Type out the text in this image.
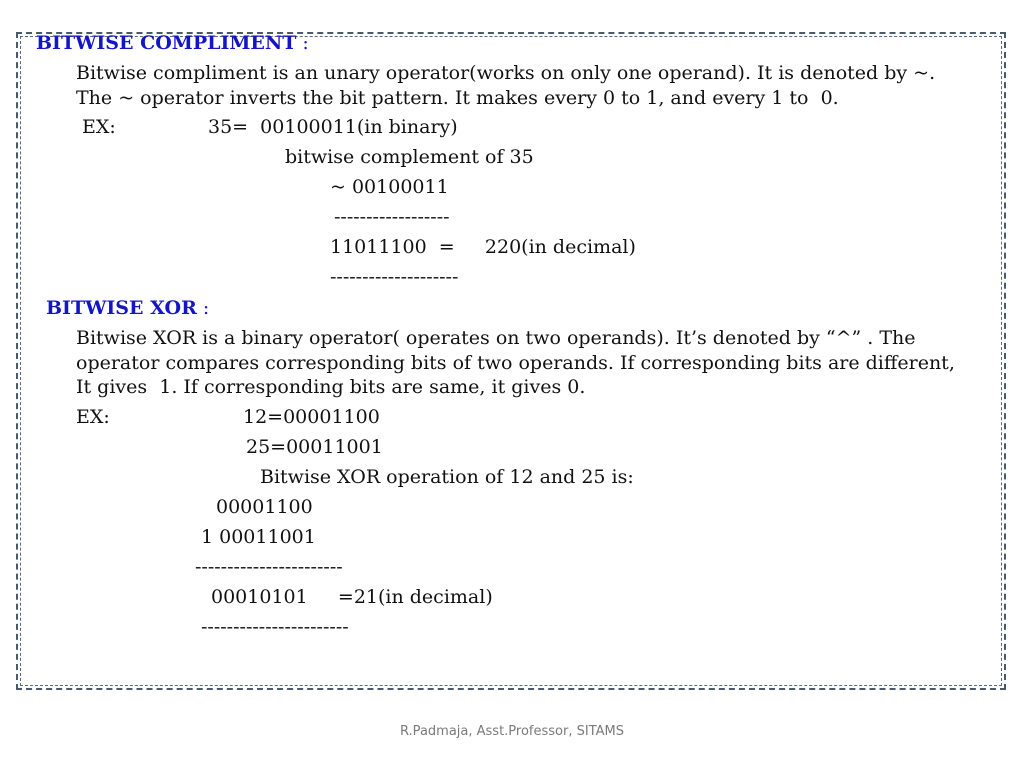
BITWISE COMPLIMENT :
Bitwise compliment is an unary operator(works on only one operand). It is denoted by ~.
The ~ operator inverts the bit pattern. It makes every 0 to 1, and every 1 to  0.
EX:	35=  00100011(in binary)
bitwise complement of 35
~ 00100011
------------------
11011100  =     220(in decimal)
--------------------
BITWISE XOR :
Bitwise XOR is a binary operator( operates on two operands). It’s denoted by “^” . The
operator compares corresponding bits of two operands. If corresponding bits are different,
It gives  1. If corresponding bits are same, it gives 0.
EX:	12=00001100
25=00011001
Bitwise XOR operation of 12 and 25 is:
00001100
1 00011001
-----------------------
00010101     =21(in decimal)
-----------------------
R.Padmaja, Asst.Professor, SITAMS
